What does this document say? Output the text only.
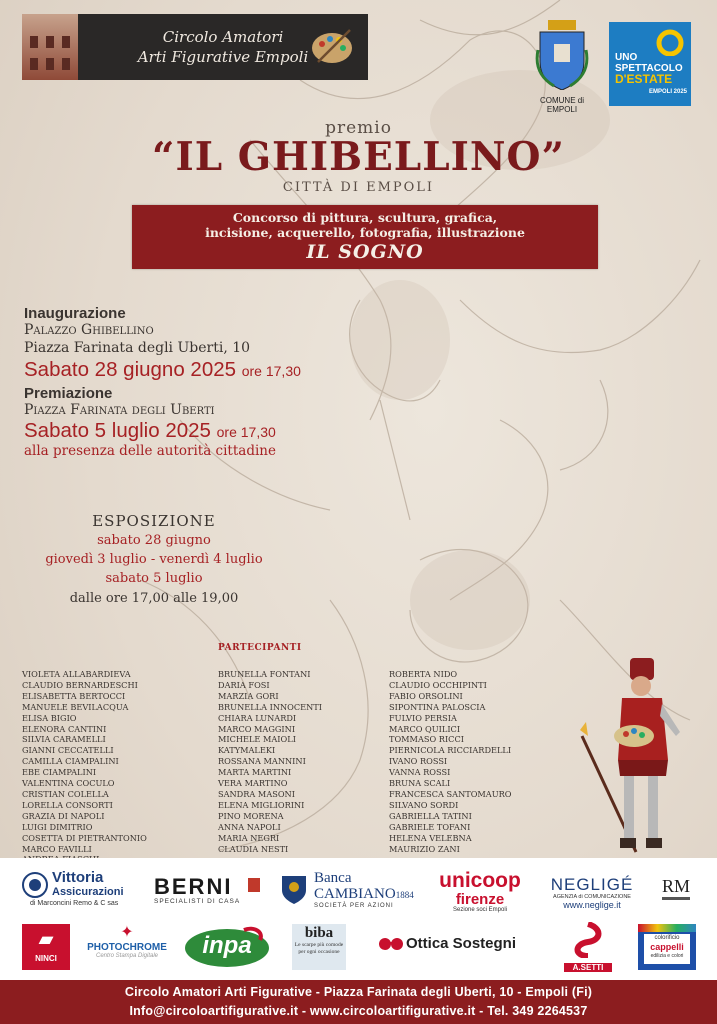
Circolo Amatori
Arti Figurative Empoli
COMUNE di EMPOLI
UNO
SPETTACOLO
D'ESTATE
EMPOLI 2025
premio
“IL GHIBELLINO”
CITTÀ DI EMPOLI
Concorso di pittura, scultura, grafica,
incisione, acquerello, fotografia, illustrazione
IL SOGNO
Inaugurazione
Palazzo Ghibellino
Piazza Farinata degli Uberti, 10
Sabato 28 giugno 2025 ore 17,30
Premiazione
Piazza Farinata degli Uberti
Sabato 5 luglio 2025 ore 17,30
alla presenza delle autorità cittadine
ESPOSIZIONE
sabato 28 giugno
giovedì 3 luglio - venerdì 4 luglio
sabato 5 luglio
dalle ore 17,00 alle 19,00
PARTECIPANTI
VIOLETA ALLABARDIEVA
CLAUDIO BERNARDESCHI
ELISABETTA BERTOCCI
MANUELE BEVILACQUA
ELISA BIGIO
ELENORA CANTINI
SILVIA CARAMELLI
GIANNI CECCATELLI
CAMILLA CIAMPALINI
EBE CIAMPALINI
VALENTINA COCULO
CRISTIAN COLELLA
LORELLA CONSORTI
GRAZIA DI NAPOLI
LUIGI DIMITRIO
COSETTA DI PIETRANTONIO
MARCO FAVILLI
BRUNELLA FONTANI
DARIA FOSI
MARZIA GORI
BRUNELLA INNOCENTI
CHIARA LUNARDI
MARCO MAGGINI
MICHELE MAIOLI
KATYMALEKI
ROSSANA MANNINI
MARTA MARTINI
VERA MARTINO
SANDRA MASONI
ELENA MIGLIORINI
PINO MORENA
ANNA NAPOLI
MARIA NEGRI
CLAUDIA NESTI
ROBERTA NIDO
CLAUDIO OCCHIPINTI
FABIO ORSOLINI
SIPONTINA PALOSCIA
FULVIO PERSIA
MARCO QUILICI
TOMMASO RICCI
PIERNICOLA RICCIARDELLI
IVANO ROSSI
VANNA ROSSI
BRUNA SCALI
FRANCESCA SANTOMAURO
SILVANO SORDI
GABRIELLA TATINI
GABRIELE TOFANI
HELENA VELEBNA
MAURIZIO ZANI
Vittoria
Assicurazioni
di Marconcini Remo & C sas
BERNI
SPECIALISTI DI CASA
Banca
CAMBIANO1884
SOCIETÀ PER AZIONI
unicoop
firenze
Sezione soci Empoli
NEGLIGÉ
AGENZIA di COMUNICAZIONE
www.neglige.it
RM
▰
NINCI
✦
PHOTOCHROME
Centro Stampa Digitale	inpa	biba
Le scarpe più comode per ogni occasione	Ottica Sostegni
A.SETTI
colorificio
cappelli
edilizia e colori
Circolo Amatori Arti Figurative - Piazza Farinata degli Uberti, 10 - Empoli (Fi)
Info@circoloartifigurative.it - www.circoloartifigurative.it - Tel. 349 2264537
